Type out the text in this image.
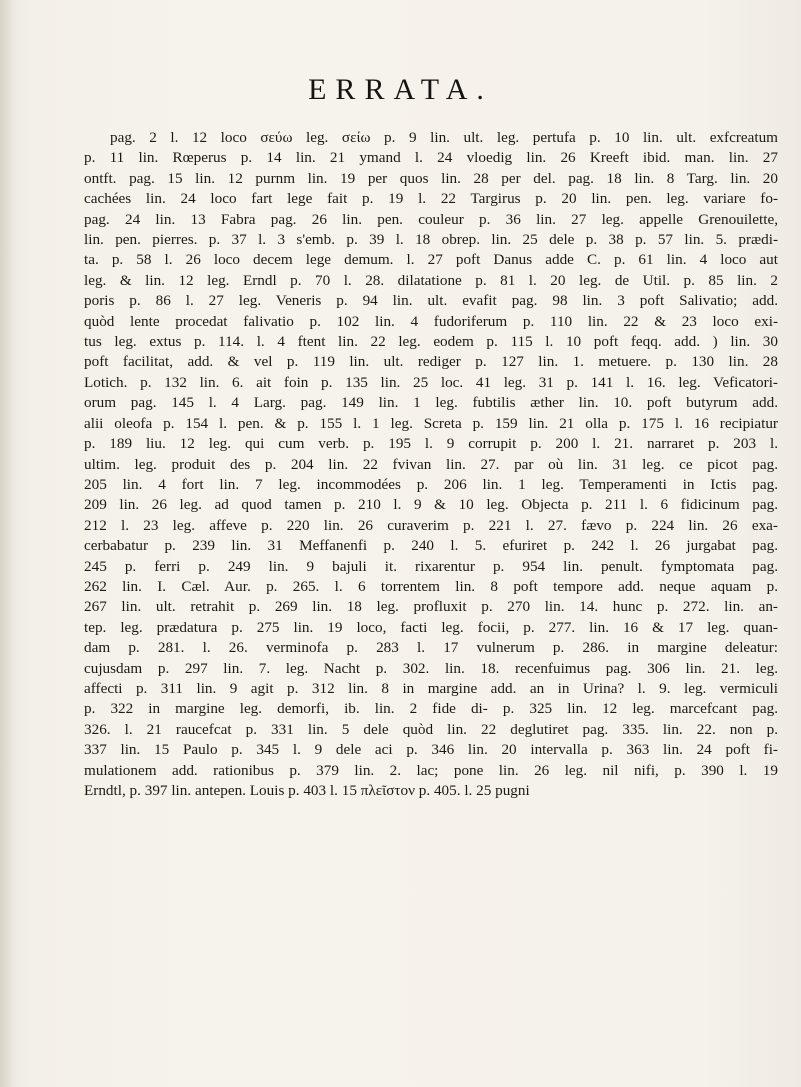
ERRATA.
pag. 2 l. 12 loco σεύω leg. σείω p. 9 lin. ult. leg. pertufa p. 10 lin. ult. exfcreatum
p. 11 lin. Rœperus p. 14 lin. 21 ymand l. 24 vloedig lin. 26 Kreeft ibid. man. lin. 27
ontft. pag. 15 lin. 12 purnm lin. 19 per quos lin. 28 per del. pag. 18 lin. 8 Targ. lin. 20
cachées lin. 24 loco fart lege fait p. 19 l. 22 Targirus p. 20 lin. pen. leg. variare fo-
pag. 24 lin. 13 Fabra pag. 26 lin. pen. couleur p. 36 lin. 27 leg. appelle Grenouilette,
lin. pen. pierres. p. 37 l. 3 s'emb. p. 39 l. 18 obrep. lin. 25 dele p. 38 p. 57 lin. 5. prædi-
ta. p. 58 l. 26 loco decem lege demum. l. 27 poft Danus adde C. p. 61 lin. 4 loco aut
leg. & lin. 12 leg. Erndl p. 70 l. 28. dilatatione p. 81 l. 20 leg. de Util. p. 85 lin. 2
poris p. 86 l. 27 leg. Veneris p. 94 lin. ult. evafit pag. 98 lin. 3 poft Salivatio; add.
quòd lente procedat falivatio p. 102 lin. 4 fudoriferum p. 110 lin. 22 & 23 loco exi-
tus leg. extus p. 114. l. 4 ftent lin. 22 leg. eodem p. 115 l. 10 poft feqq. add. ) lin. 30
poft facilitat, add. & vel p. 119 lin. ult. rediger p. 127 lin. 1. metuere. p. 130 lin. 28
Lotich. p. 132 lin. 6. ait foin p. 135 lin. 25 loc. 41 leg. 31 p. 141 l. 16. leg. Veficatori-
orum pag. 145 l. 4 Larg. pag. 149 lin. 1 leg. fubtilis æther lin. 10. poft butyrum add.
alii oleofa p. 154 l. pen. & p. 155 l. 1 leg. Screta p. 159 lin. 21 olla p. 175 l. 16 recipiatur
p. 189 liu. 12 leg. qui cum verb. p. 195 l. 9 corrupit p. 200 l. 21. narraret p. 203 l.
ultim. leg. produit des p. 204 lin. 22 fvivan lin. 27. par où lin. 31 leg. ce picot pag.
205 lin. 4 fort lin. 7 leg. incommodées p. 206 lin. 1 leg. Temperamenti in Ictis pag.
209 lin. 26 leg. ad quod tamen p. 210 l. 9 & 10 leg. Objecta p. 211 l. 6 fidicinum pag.
212 l. 23 leg. affeve p. 220 lin. 26 curaverim p. 221 l. 27. fævo p. 224 lin. 26 exa-
cerbabatur p. 239 lin. 31 Meffanenfi p. 240 l. 5. efuriret p. 242 l. 26 jurgabat pag.
245 p. ferri p. 249 lin. 9 bajuli it. rixarentur p. 954 lin. penult. fymptomata pag.
262 lin. I. Cæl. Aur. p. 265. l. 6 torrentem lin. 8 poft tempore add. neque aquam p.
267 lin. ult. retrahit p. 269 lin. 18 leg. profluxit p. 270 lin. 14. hunc p. 272. lin. an-
tep. leg. prædatura p. 275 lin. 19 loco, facti leg. focii, p. 277. lin. 16 & 17 leg. quan-
dam p. 281. l. 26. verminofa p. 283 l. 17 vulnerum p. 286. in margine deleatur:
cujusdam p. 297 lin. 7. leg. Nacht p. 302. lin. 18. recenfuimus pag. 306 lin. 21. leg.
affecti p. 311 lin. 9 agit p. 312 lin. 8 in margine add. an in Urina? l. 9. leg. vermiculi
p. 322 in margine leg. demorfi, ib. lin. 2 fide di- p. 325 lin. 12 leg. marcefcant pag.
326. l. 21 raucefcat p. 331 lin. 5 dele quòd lin. 22 deglutiret pag. 335. lin. 22. non p.
337 lin. 15 Paulo p. 345 l. 9 dele aci p. 346 lin. 20 intervalla p. 363 lin. 24 poft fi-
mulationem add. rationibus p. 379 lin. 2. lac; pone lin. 26 leg. nil nifi, p. 390 l. 19
Erndtl, p. 397 lin. antepen. Louis p. 403 l. 15 πλεῖστον p. 405. l. 25 pugni
